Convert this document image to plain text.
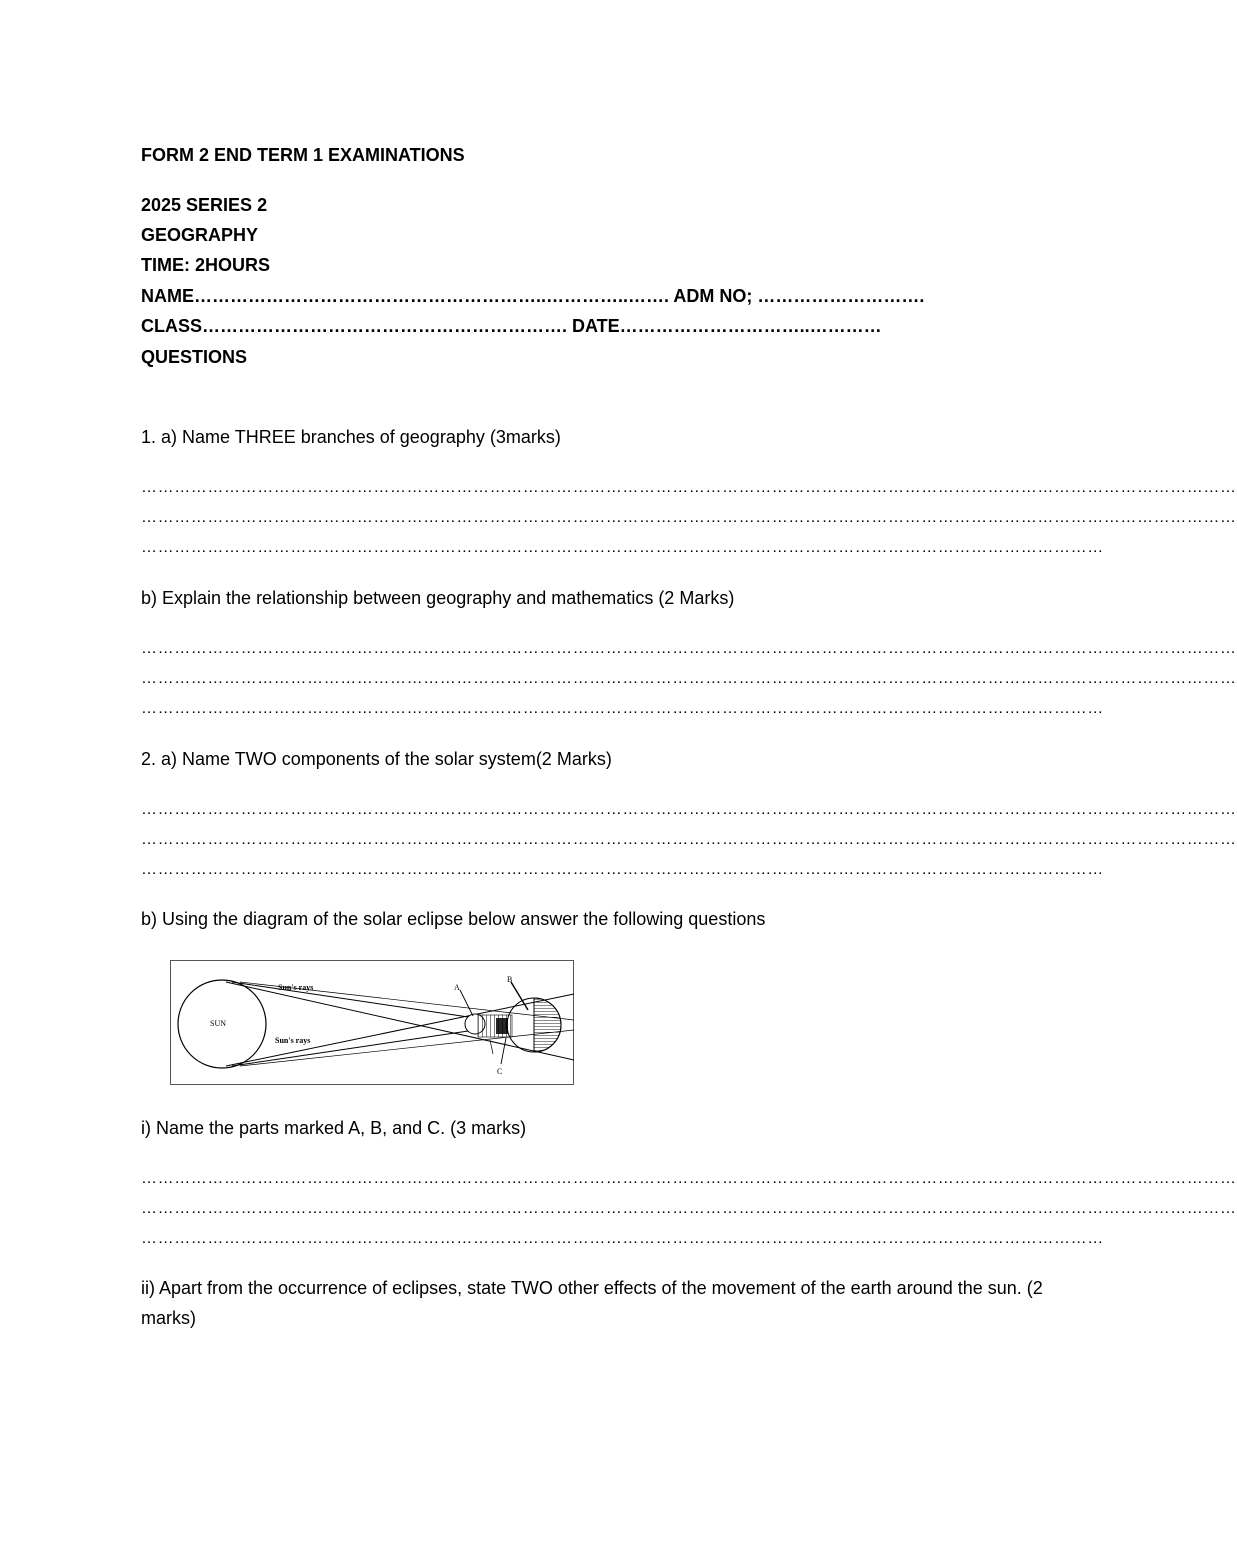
FORM 2 END TERM 1 EXAMINATIONS
2025 SERIES 2
GEOGRAPHY
TIME: 2HOURS
NAME…………………………………………………..…………..……. ADM NO; ……………………….
CLASS……………………………………………………. DATE…………………………..…………
QUESTIONS
1. a) Name THREE branches of geography (3marks)
………………………………………………………………………………………………………………………………………………………………………………
………………………………………………………………………………………………………………………………………………………………………………
…………………………………………………………………………………………………………………………………………………………
b) Explain the relationship between geography and mathematics (2 Marks)
………………………………………………………………………………………………………………………………………………………………………………
………………………………………………………………………………………………………………………………………………………………………………
…………………………………………………………………………………………………………………………………………………………
2. a) Name TWO components of the solar system(2 Marks)
………………………………………………………………………………………………………………………………………………………………………………
………………………………………………………………………………………………………………………………………………………………………………
…………………………………………………………………………………………………………………………………………………………
b) Using the diagram of the solar eclipse below answer the following questions
SUN
Sun's rays
Sun's rays
A
B
C
i) Name the parts marked A, B, and C. (3 marks)
………………………………………………………………………………………………………………………………………………………………………………
………………………………………………………………………………………………………………………………………………………………………………
…………………………………………………………………………………………………………………………………………………………
ii) Apart from the occurrence of eclipses, state TWO other effects of the movement of the earth around the sun. (2 marks)
